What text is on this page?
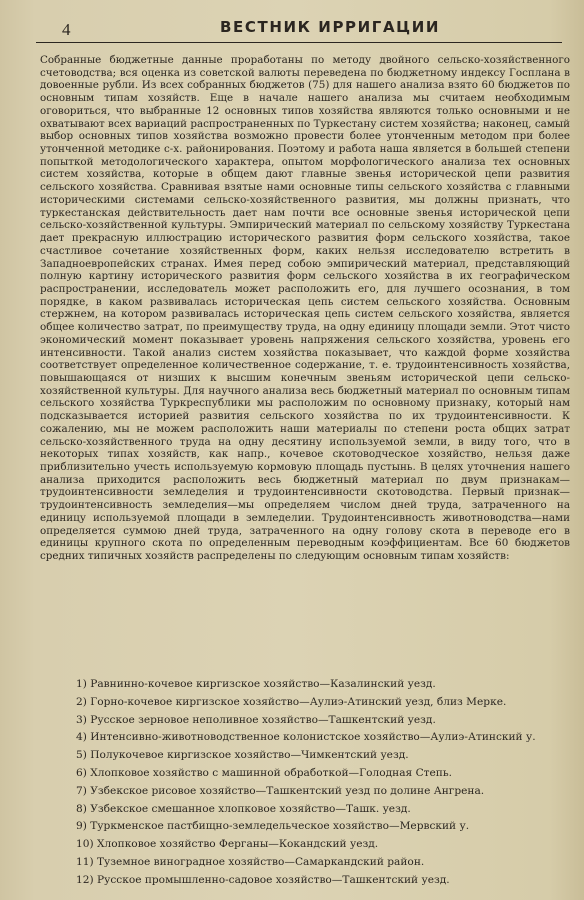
4	ВЕСТНИК ИРРИГАЦИИ

Собранные бюджетные данные проработаны по методу двойного сельско-хозяйственного счетоводства; вся оценка из советской валюты переведена по бюджетному индексу Госплана в довоенные рубли. Из всех собранных бюджетов (75) для нашего анализа взято 60 бюджетов по основным типам хозяйств. Еще в начале нашего анализа мы считаем необходимым оговориться, что выбранные 12 основных типов хозяйства являются только основными и не охватывают всех вариаций распространенных по Туркестану систем хозяйства; наконец, самый выбор основных типов хозяйства возможно провести более утонченным методом при более утонченной методике с-х. районирования. Поэтому и работа наша является в большей степени попыткой методологического характера, опытом морфологического анализа тех основных систем хозяйства, которые в общем дают главные звенья исторической цепи развития сельского хозяйства. Сравнивая взятые нами основные типы сельского хозяйства с главными историческими системами сельско-хозяйственного развития, мы должны признать, что туркестанская действительность дает нам почти все основные звенья исторической цепи сельско-хозяйственной культуры. Эмпирический материал по сельскому хозяйству Туркестана дает прекрасную иллюстрацию исторического развития форм сельского хозяйства, такое счастливое сочетание хозяйственных форм, каких нельзя исследователю встретить в Западноевропейских странах. Имея перед собою эмпирический материал, представляющий полную картину исторического развития форм сельского хозяйства в их географическом распространении, исследователь может расположить его, для лучшего осознания, в том порядке, в каком развивалась историческая цепь систем сельского хозяйства. Основным стержнем, на котором развивалась историческая цепь систем сельского хозяйства, является общее количество затрат, по преимуществу труда, на одну единицу площади земли. Этот чисто экономический момент показывает уровень напряжения сельского хозяйства, уровень его интенсивности. Такой анализ систем хозяйства показывает, что каждой форме хозяйства соответствует определенное количественное содержание, т. е. трудоинтенсивность хозяйства, повышающаяся от низших к высшим конечным звеньям исторической цепи сельско-хозяйственной культуры. Для научного анализа весь бюджетный материал по основным типам сельского хозяйства Туркреспублики мы расположим по основному признаку, который нам подсказывается историей развития сельского хозяйства по их трудоинтенсивности. К сожалению, мы не можем расположить наши материалы по степени роста общих затрат сельско-хозяйственного труда на одну десятину используемой земли, в виду того, что в некоторых типах хозяйств, как напр., кочевое скотоводческое хозяйство, нельзя даже приблизительно учесть используемую кормовую площадь пустынь. В целях уточнения нашего анализа приходится расположить весь бюджетный материал по двум признакам—трудоинтенсивности земледелия и трудоинтенсивности скотоводства. Первый признак—трудоинтенсивность земледелия—мы определяем числом дней труда, затраченного на единицу используемой площади в земледелии. Трудоинтенсивность животноводства—нами определяется суммою дней труда, затраченного на одну голову скота в переводе его в единицы крупного скота по определенным переводным коэффициентам. Все 60 бюджетов средних типичных хозяйств распределены по следующим основным типам хозяйств:

1) Равнинно-кочевое киргизское хозяйство—Казалинский уезд.
2) Горно-кочевое киргизское хозяйство—Аулиэ-Атинский уезд, близ Мерке.
3) Русское зерновое неполивное хозяйство—Ташкентский уезд.
4) Интенсивно-животноводственное колонистское хозяйство—Аулиэ-Атинский у.
5) Полукочевое киргизское хозяйство—Чимкентский уезд.
6) Хлопковое хозяйство с машинной обработкой—Голодная Степь.
7) Узбекское рисовое хозяйство—Ташкентский уезд по долине Ангрена.
8) Узбекское смешанное хлопковое хозяйство—Ташк. уезд.
9) Туркменское пастбищно-земледельческое хозяйство—Мервский у.
10) Хлопковое хозяйство Ферганы—Кокандский уезд.
11) Туземное виноградное хозяйство—Самаркандский район.
12) Русское промышленно-садовое хозяйство—Ташкентский уезд.
